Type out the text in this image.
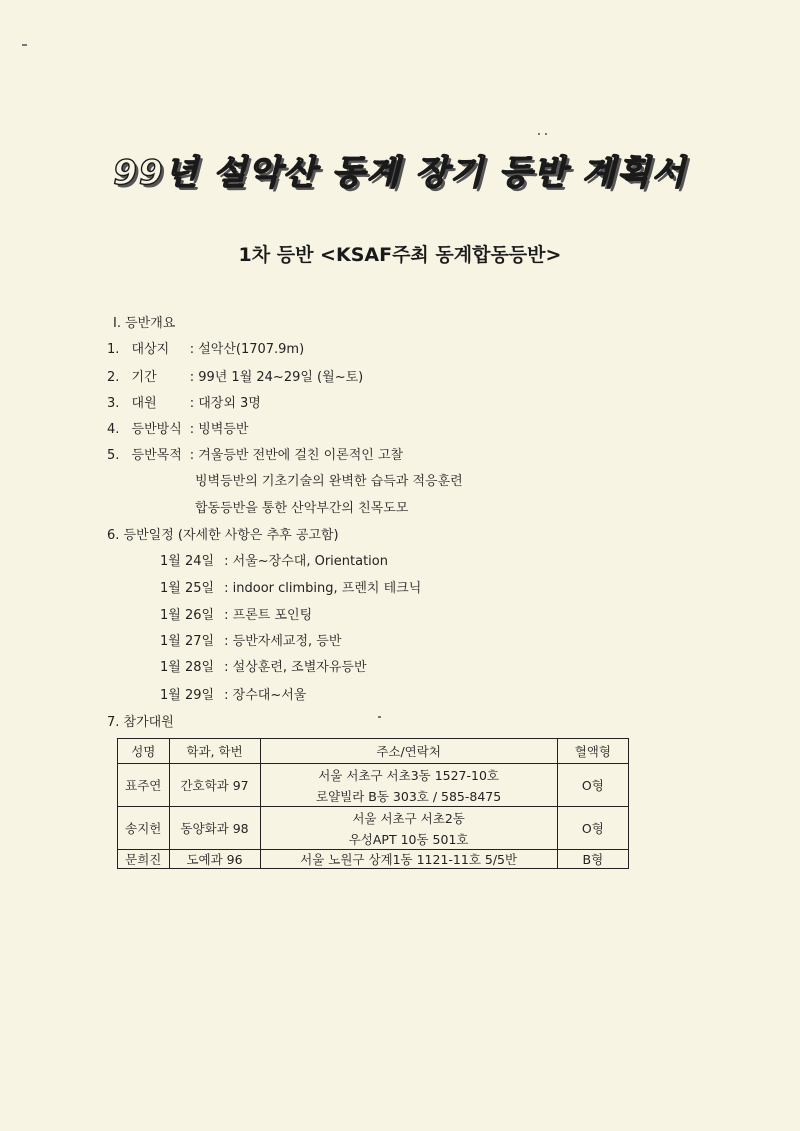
99년 설악산 동계 장기 등반 계획서
1차 등반 <KSAF주최 동계합동등반>
Ⅰ. 등반개요
1. 대상지 : 설악산(1707.9m)
2. 기간	: 99년 1월 24~29일 (월~토)
3. 대원	: 대장외 3명
4. 등반방식 : 빙벽등반
5. 등반목적 : 겨울등반 전반에 걸친 이론적인 고찰
빙벽등반의 기초기술의 완벽한 습득과 적응훈련
합동등반을 통한 산악부간의 친목도모
6. 등반일정 (자세한 사항은 추후 공고함)
1월 24일 : 서울~장수대, Orientation
1월 25일 : indoor climbing, 프렌치 테크닉
1월 26일 : 프론트 포인팅
1월 27일 : 등반자세교정, 등반
1월 28일 : 설상훈련, 조별자유등반
1월 29일 : 장수대~서울
7. 참가대원
성명	학과, 학번	주소/연락처	혈액형
표주연	간호학과 97	서울 서초구 서초3동 1527-10호	O형
		로얄빌라 B동 303호 / 585-8475	
송지헌	동양화과 98	서울 서초구 서초2동	O형
		우성APT 10동 501호	
문희진	도예과 96	서울 노원구 상계1동 1121-11호 5/5반	B형
